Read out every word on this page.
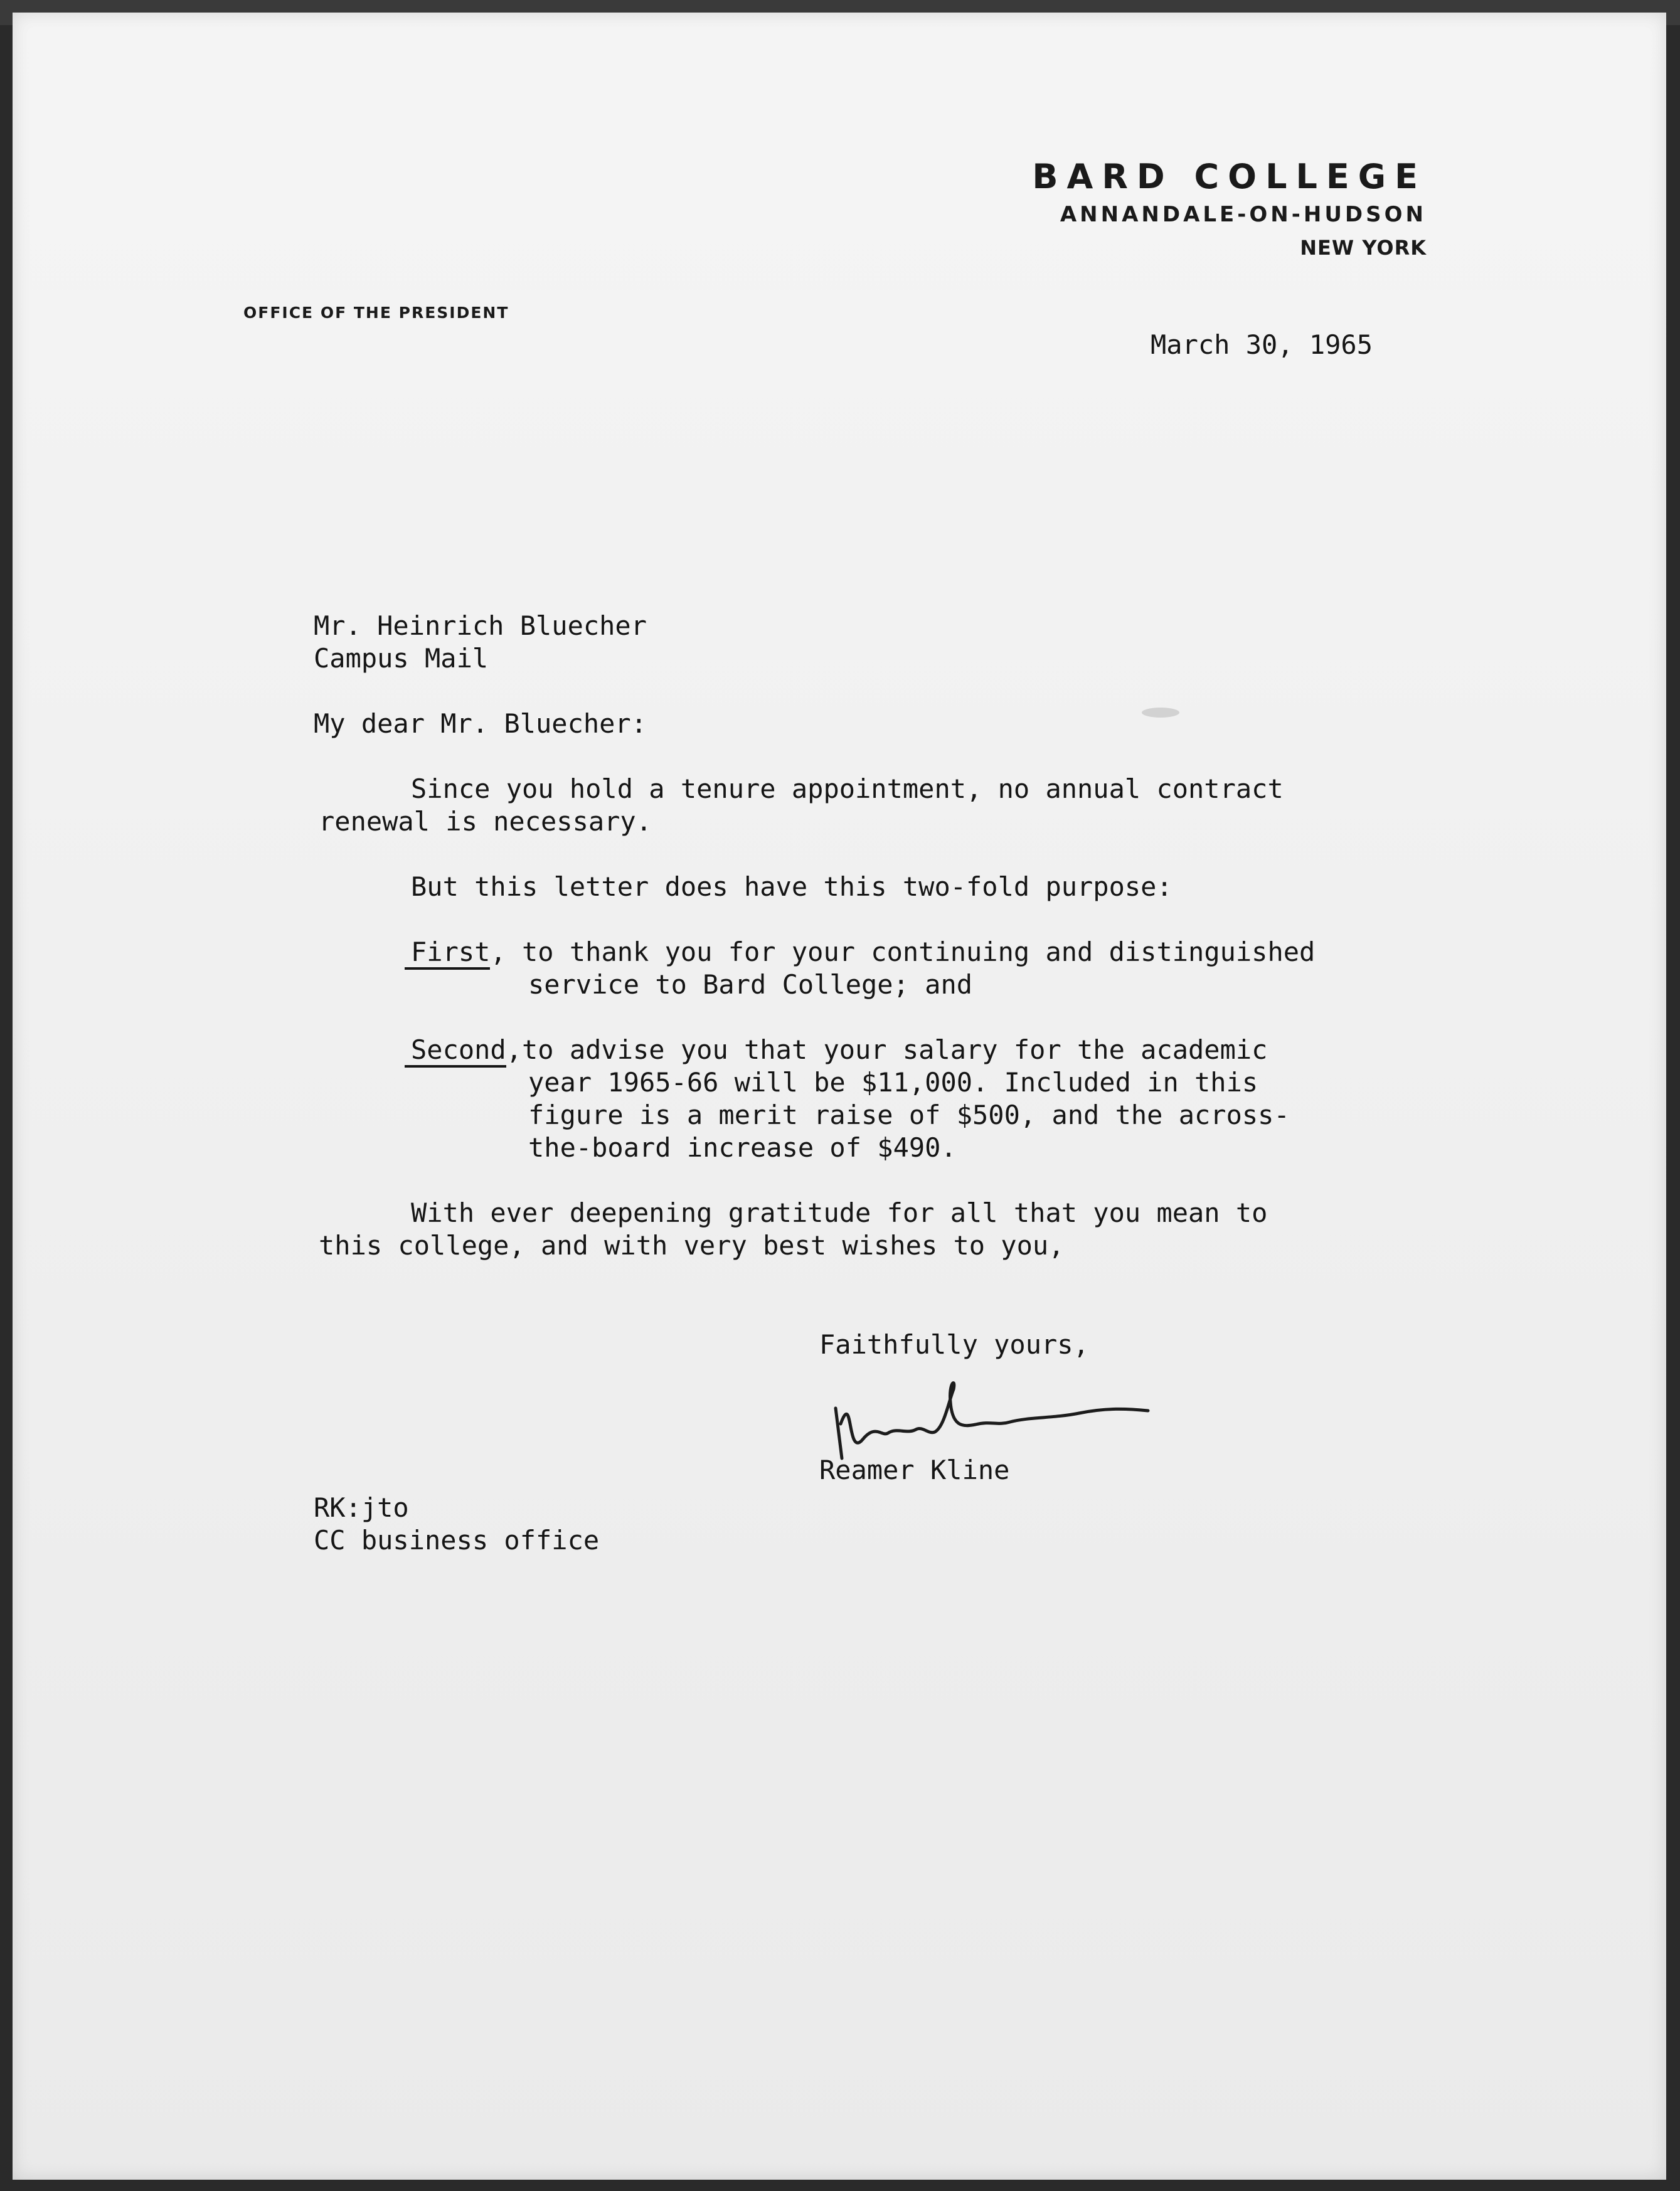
BARD COLLEGE
ANNANDALE-ON-HUDSON
NEW YORK
OFFICE OF THE PRESIDENT
March 30, 1965
Mr. Heinrich Bluecher
Campus Mail
My dear Mr. Bluecher:
Since you hold a tenure appointment, no annual contract
renewal is necessary.
But this letter does have this two-fold purpose:
First, to thank you for your continuing and distinguished
service to Bard College; and
Second,to advise you that your salary for the academic
year 1965-66 will be $11,000. Included in this
figure is a merit raise of $500, and the across-
the-board increase of $490.
With ever deepening gratitude for all that you mean to
this college, and with very best wishes to you,
Faithfully yours,
Reamer Kline
RK:jto
CC business office
